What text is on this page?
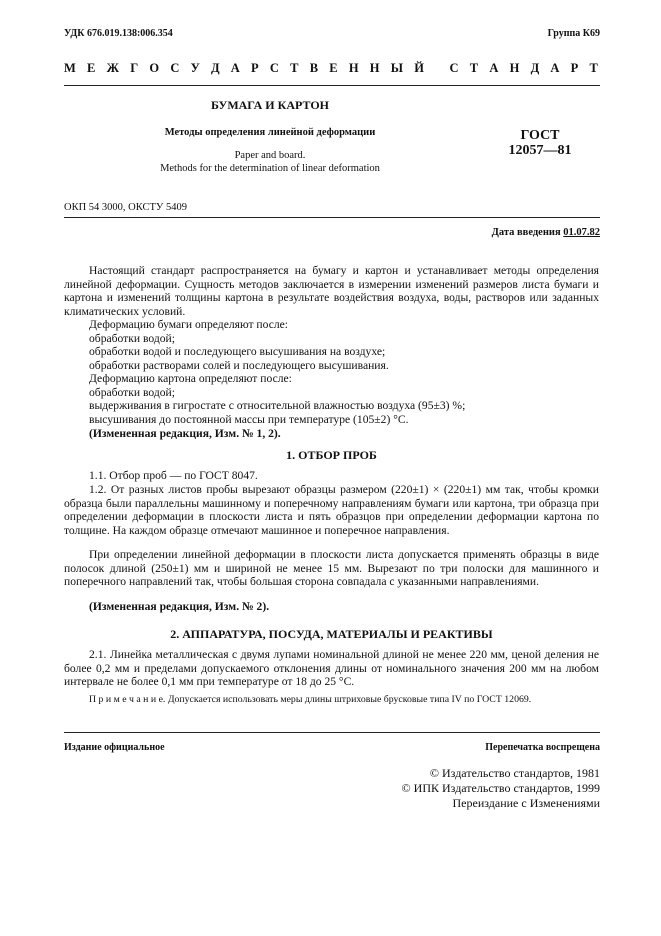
УДК 676.019.138:006.354	Группа К69
М Е Ж Г О С У Д А Р С Т В Е Н Н Ы Й
С Т А Н Д А Р Т
БУМАГА И КАРТОН
Методы определения линейной деформации
Paper and board.
Methods for the determination of linear deformation
ГОСТ
12057—81
ОКП 54 3000, ОКСТУ 5409
Дата введения 01.07.82
Настоящий стандарт распространяется на бумагу и картон и устанавливает методы определения линейной деформации. Сущность методов заключается в измерении изменений размеров листа бумаги и картона и изменений толщины картона в результате воздействия воздуха, воды, растворов или заданных климатических условий.
Деформацию бумаги определяют после:
обработки водой;
обработки водой и последующего высушивания на воздухе;
обработки растворами солей и последующего высушивания.
Деформацию картона определяют после:
обработки водой;
выдерживания в гигростате с относительной влажностью воздуха (95±3) %;
высушивания до постоянной массы при температуре (105±2) °С.
(Измененная редакция, Изм. № 1, 2).
1. ОТБОР ПРОБ
1.1. Отбор проб — по ГОСТ 8047.
1.2. От разных листов пробы вырезают образцы размером (220±1) × (220±1) мм так, чтобы кромки образца были параллельны машинному и поперечному направлениям бумаги или картона, три образца при определении деформации в плоскости листа и пять образцов при определении деформации картона по толщине. На каждом образце отмечают машинное и поперечное направления.
При определении линейной деформации в плоскости листа допускается применять образцы в виде полосок длиной (250±1) мм и шириной не менее 15 мм. Вырезают по три полоски для машинного и поперечного направлений так, чтобы большая сторона совпадала с указанными направлениями.
(Измененная редакция, Изм. № 2).
2. АППАРАТУРА, ПОСУДА, МАТЕРИАЛЫ И РЕАКТИВЫ
2.1. Линейка металлическая с двумя лупами номинальной длиной не менее 220 мм, ценой деления не более 0,2 мм и пределами допускаемого отклонения длины от номинального значения 200 мм на любом интервале не более 0,1 мм при температуре от 18 до 25 °С.
П р и м е ч а н и е. Допускается использовать меры длины штриховые брусковые типа IV по ГОСТ 12069.
Издание официальное	Перепечатка воспрещена
© Издательство стандартов, 1981
© ИПК Издательство стандартов, 1999
Переиздание с Изменениями
